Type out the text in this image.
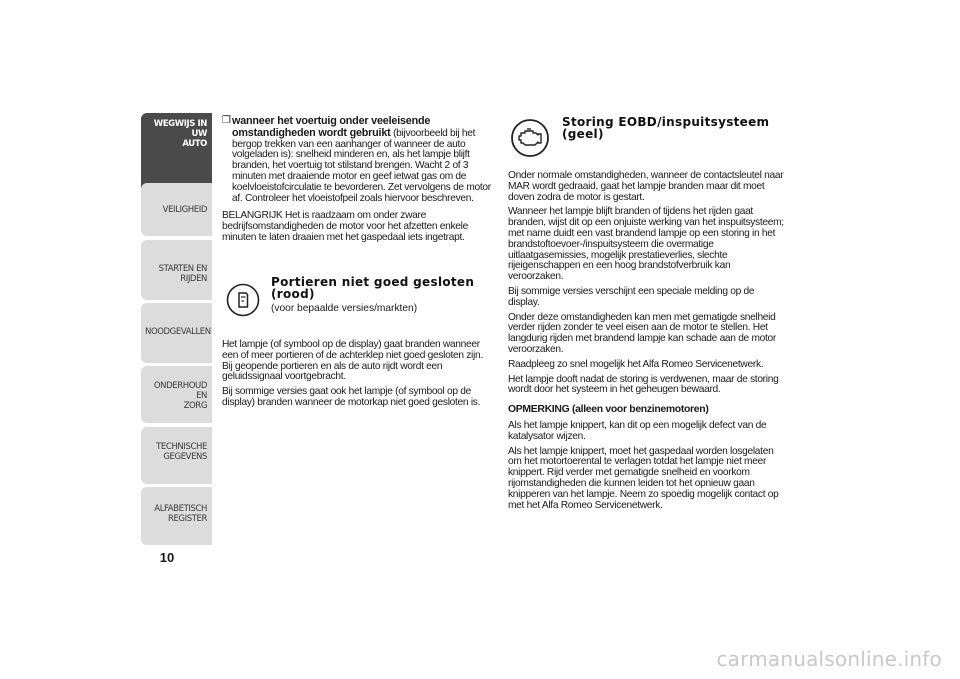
WEGWIJS IN UW
AUTO
VEILIGHEID
STARTEN EN RIJDEN
NOODGEVALLEN
ONDERHOUD EN
ZORG
TECHNISCHE
GEGEVENS
ALFABETISCH
REGISTER
10
❒ wanneer het voertuig onder veeleisende omstandigheden wordt gebruikt (bijvoorbeeld bij het bergop trekken van een aanhanger of wanneer de auto volgeladen is): snelheid minderen en, als het lampje blijft branden, het voertuig tot stilstand brengen. Wacht 2 of 3 minuten met draaiende motor en geef ietwat gas om de koelvloeistofcirculatie te bevorderen. Zet vervolgens de motor af. Controleer het vloeistofpeil zoals hiervoor beschreven.

BELANGRIJK Het is raadzaam om onder zware bedrijfsomstandigheden de motor voor het afzetten enkele minuten te laten draaien met het gaspedaal iets ingetrapt.

Portieren niet goed gesloten (rood)
(voor bepaalde versies/markten)

Het lampje (of symbool op de display) gaat branden wanneer een of meer portieren of de achterklep niet goed gesloten zijn. Bij geopende portieren en als de auto rijdt wordt een geluidssignaal voortgebracht.

Bij sommige versies gaat ook het lampje (of symbool op de display) branden wanneer de motorkap niet goed gesloten is.

Storing EOBD/inspuitsysteem (geel)

Onder normale omstandigheden, wanneer de contactsleutel naar MAR wordt gedraaid, gaat het lampje branden maar dit moet doven zodra de motor is gestart.

Wanneer het lampje blijft branden of tijdens het rijden gaat branden, wijst dit op een onjuiste werking van het inspuitsysteem; met name duidt een vast brandend lampje op een storing in het brandstoftoevoer-/inspuitsysteem die overmatige uitlaatgasemissies, mogelijk prestatieverlies, slechte rijeigenschappen en een hoog brandstofverbruik kan veroorzaken.

Bij sommige versies verschijnt een speciale melding op de display.

Onder deze omstandigheden kan men met gematigde snelheid verder rijden zonder te veel eisen aan de motor te stellen. Het langdurig rijden met brandend lampje kan schade aan de motor veroorzaken.

Raadpleeg zo snel mogelijk het Alfa Romeo Servicenetwerk.

Het lampje dooft nadat de storing is verdwenen, maar de storing wordt door het systeem in het geheugen bewaard.

OPMERKING (alleen voor benzinemotoren)

Als het lampje knippert, kan dit op een mogelijk defect van de katalysator wijzen.

Als het lampje knippert, moet het gaspedaal worden losgelaten om het motortoerental te verlagen totdat het lampje niet meer knippert. Rijd verder met gematigde snelheid en voorkom rijomstandigheden die kunnen leiden tot het opnieuw gaan knipperen van het lampje. Neem zo spoedig mogelijk contact op met het Alfa Romeo Servicenetwerk.

carmanualsonline.info
